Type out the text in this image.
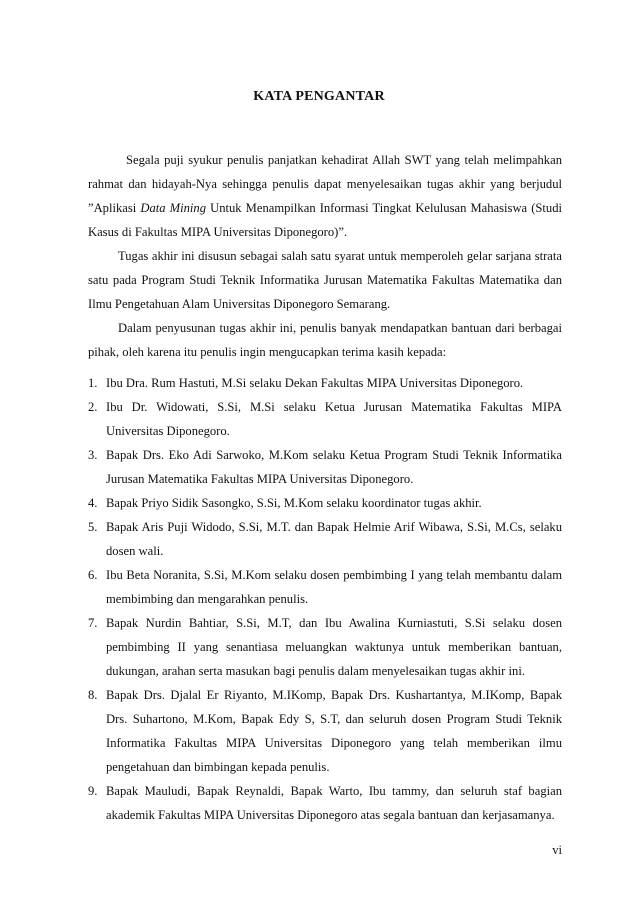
KATA PENGANTAR

Segala puji syukur penulis panjatkan kehadirat Allah SWT yang telah melimpahkan rahmat dan hidayah-Nya sehingga penulis dapat menyelesaikan tugas akhir yang berjudul ”Aplikasi Data Mining Untuk Menampilkan Informasi Tingkat Kelulusan Mahasiswa (Studi Kasus di Fakultas MIPA Universitas Diponegoro)”.

Tugas akhir ini disusun sebagai salah satu syarat untuk memperoleh gelar sarjana strata satu pada Program Studi Teknik Informatika Jurusan Matematika Fakultas Matematika dan Ilmu Pengetahuan Alam Universitas Diponegoro Semarang.

Dalam penyusunan tugas akhir ini, penulis banyak mendapatkan bantuan dari berbagai pihak, oleh karena itu penulis ingin mengucapkan terima kasih kepada:

1. Ibu Dra. Rum Hastuti, M.Si selaku Dekan Fakultas MIPA Universitas Diponegoro.
2. Ibu Dr. Widowati, S.Si, M.Si selaku Ketua Jurusan Matematika Fakultas MIPA Universitas Diponegoro.
3. Bapak Drs. Eko Adi Sarwoko, M.Kom selaku Ketua Program Studi Teknik Informatika Jurusan Matematika Fakultas MIPA Universitas Diponegoro.
4. Bapak Priyo Sidik Sasongko, S.Si, M.Kom selaku koordinator tugas akhir.
5. Bapak Aris Puji Widodo, S.Si, M.T. dan Bapak Helmie Arif Wibawa, S.Si, M.Cs, selaku dosen wali.
6. Ibu Beta Noranita, S.Si, M.Kom selaku dosen pembimbing I yang telah membantu dalam membimbing dan mengarahkan penulis.
7. Bapak Nurdin Bahtiar, S.Si, M.T, dan Ibu Awalina Kurniastuti, S.Si selaku dosen pembimbing II yang senantiasa meluangkan waktunya untuk memberikan bantuan, dukungan, arahan serta masukan bagi penulis dalam menyelesaikan tugas akhir ini.
8. Bapak Drs. Djalal Er Riyanto, M.IKomp, Bapak Drs. Kushartantya, M.IKomp, Bapak Drs. Suhartono, M.Kom, Bapak Edy S, S.T, dan seluruh dosen Program Studi Teknik Informatika Fakultas MIPA Universitas Diponegoro yang telah memberikan ilmu pengetahuan dan bimbingan kepada penulis.
9. Bapak Mauludi, Bapak Reynaldi, Bapak Warto, Ibu tammy, dan seluruh staf bagian akademik Fakultas MIPA Universitas Diponegoro atas segala bantuan dan kerjasamanya.
vi
